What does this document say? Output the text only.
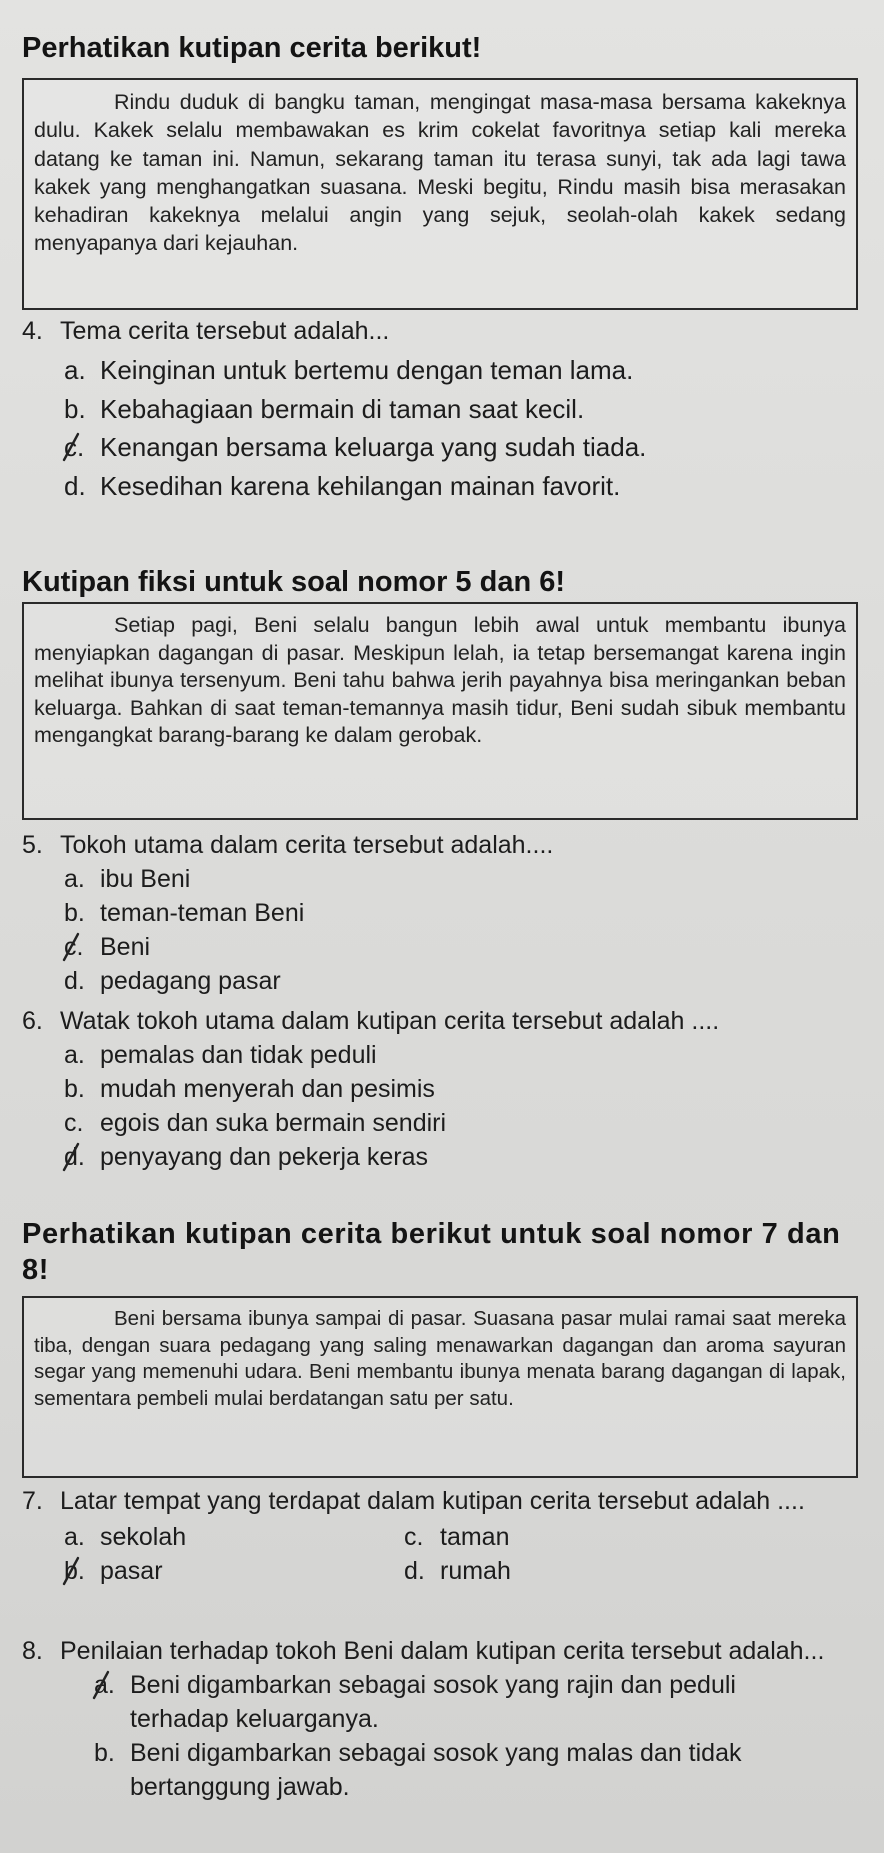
Perhatikan kutipan cerita berikut!

Rindu duduk di bangku taman, mengingat masa-masa bersama kakeknya dulu. Kakek selalu membawakan es krim cokelat favoritnya setiap kali mereka datang ke taman ini. Namun, sekarang taman itu terasa sunyi, tak ada lagi tawa kakek yang menghangatkan suasana. Meski begitu, Rindu masih bisa merasakan kehadiran kakeknya melalui angin yang sejuk, seolah-olah kakek sedang menyapanya dari kejauhan.
4. Tema cerita tersebut adalah...
a. Keinginan untuk bertemu dengan teman lama.
b. Kebahagiaan bermain di taman saat kecil.
c. Kenangan bersama keluarga yang sudah tiada.
d. Kesedihan karena kehilangan mainan favorit.

Kutipan fiksi untuk soal nomor 5 dan 6!

Setiap pagi, Beni selalu bangun lebih awal untuk membantu ibunya menyiapkan dagangan di pasar. Meskipun lelah, ia tetap bersemangat karena ingin melihat ibunya tersenyum. Beni tahu bahwa jerih payahnya bisa meringankan beban keluarga. Bahkan di saat teman-temannya masih tidur, Beni sudah sibuk membantu mengangkat barang-barang ke dalam gerobak.
5. Tokoh utama dalam cerita tersebut adalah....
a. ibu Beni
b. teman-teman Beni
c. Beni
d. pedagang pasar
6. Watak tokoh utama dalam kutipan cerita tersebut adalah ....
a. pemalas dan tidak peduli
b. mudah menyerah dan pesimis
c. egois dan suka bermain sendiri
d. penyayang dan pekerja keras

Perhatikan kutipan cerita berikut untuk soal nomor 7 dan 8!

Beni bersama ibunya sampai di pasar. Suasana pasar mulai ramai saat mereka tiba, dengan suara pedagang yang saling menawarkan dagangan dan aroma sayuran segar yang memenuhi udara. Beni membantu ibunya menata barang dagangan di lapak, sementara pembeli mulai berdatangan satu per satu.
7. Latar tempat yang terdapat dalam kutipan cerita tersebut adalah ....
a. sekolah	c. taman
b. pasar	d. rumah
8. Penilaian terhadap tokoh Beni dalam kutipan cerita tersebut adalah...
a. Beni digambarkan sebagai sosok yang rajin dan peduli terhadap keluarganya.
b. Beni digambarkan sebagai sosok yang malas dan tidak bertanggung jawab.
